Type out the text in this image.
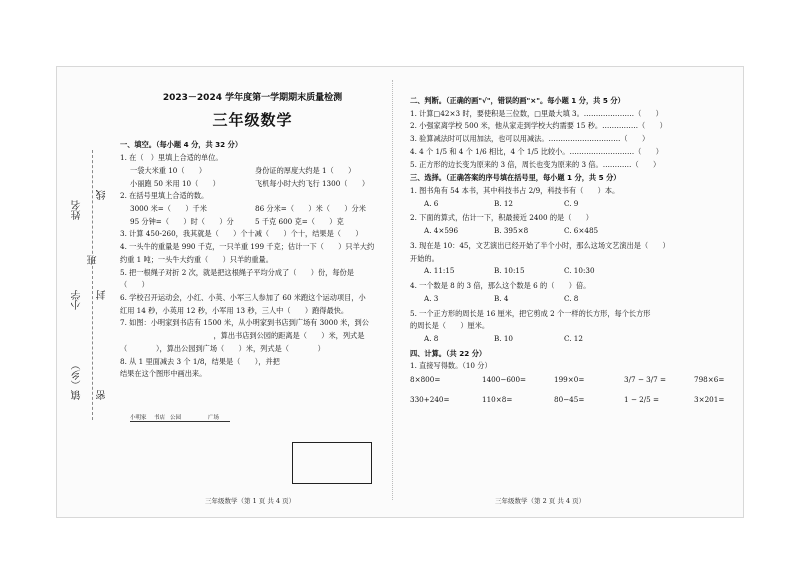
姓名
小学
镇（乡）
班
线
封
密
2023－2024 学年度第一学期期末质量检测
三年级数学
一、填空。（每小题 4 分，共 32 分）
1. 在（　）里填上合适的单位。
一袋大米重 10（　　）	身份证的厚度大约是 1（　　）
小丽跑 50 米用 10（　　）	飞机每小时大约飞行 1300（　　）
2. 在括号里填上合适的数。
3000 米=（　　）千米	86 分米=（　　）米（　　）分米
95 分钟=（　　）时（　　）分	5 千克 600 克=（　　）克
3. 计算 450-260，我其就是（　　）个十减（　　）个十，结果是（　　）
4. 一头牛的重量是 990 千克，一只羊重 199 千克；估计一下（　　）只羊大约
约重 1 吨；一头牛大约重（　　）只羊的重量。
5. 把一根绳子对折 2 次，就是把这根绳子平均分成了（　　）份，每份是
（　　）
6. 学校召开运动会，小红、小英、小军三人参加了 60 米跑这个运动项目，小
红用 14 秒，小英用 12 秒，小军用 13 秒，三人中（　　）跑得最快。
7. 如图：小明家到书店有 1500 米，从小明家到书店到广场有 3000 米，到公
　　　　　　　　　　　　　，算出书店到公园的距离是（　　）米，列式是
（　　　　），算出公园到广场（　　）米，列式是（　　　　）
8. 从 1 里面减去 3 个 1/8，结果是（　　），并把
结果在这个图形中画出来。
小明家 书店 公园	广场
三年级数学（第 1 页 共 4 页）
二、判断。（正确的画"√"，错误的画"×"。每小题 1 分，共 5 分）
1. 计算□42×3 时，要使积是三位数，□里最大填 3。…………………（　　）
2. 小强家离学校 500 米，他从家走到学校大约需要 15 秒。……………（　　）
3. 验算减法时可以用加法，也可以用减法。…………………………（　　）
4. 4 个 1/5 和 4 个 1/6 相比，4 个 1/5 比较小。………………………（　　）
5. 正方形的边长变为原来的 3 倍，周长也变为原来的 3 倍。…………（　　）
三、选择。（正确答案的序号填在括号里，每小题 1 分，共 5 分）
1. 图书角有 54 本书，其中科技书占 2/9，科技书有（　　）本。
A. 6	B. 12	C. 9
2. 下面的算式，估计一下，积最接近 2400 的是（　　）
A. 4×596	B. 395×8	C. 6×485
3. 现在是 10：45，文艺演出已经开始了半个小时，那么这场文艺演出是（　　）
开始的。
A. 11:15	B. 10:15	C. 10:30
4. 一个数是 8 的 3 倍，那么这个数是 6 的（　　）倍。
A. 3	B. 4	C. 8
5. 一个正方形的周长是 16 厘米，把它剪成 2 个一样的长方形，每个长方形
的周长是（　　）厘米。
A. 8	B. 10	C. 12
四、计算。（共 22 分）
1. 直接写得数。（10 分）
8×800=	1400−600=	199×0=	3/7 − 3/7 =	798×6=
330+240=	110×8=	80−45=	1 − 2/5 =	3×201=
三年级数学（第 2 页 共 4 页）
